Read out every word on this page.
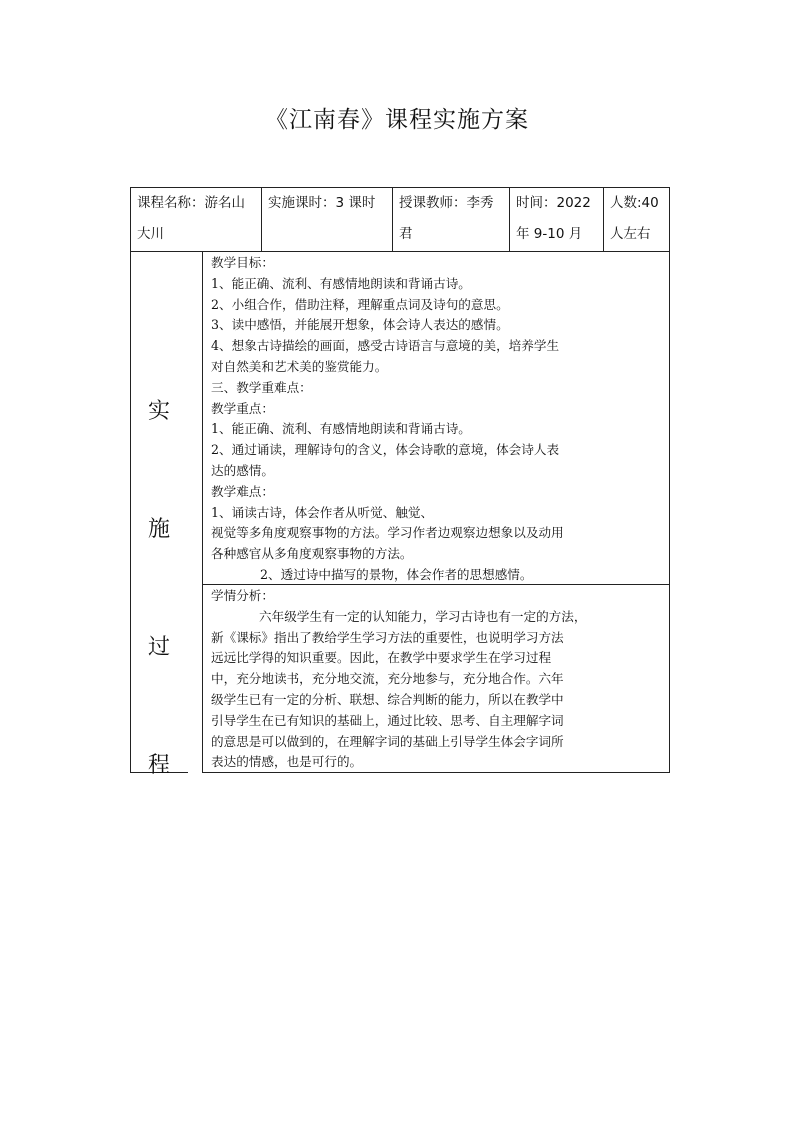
《江南春》课程实施方案
课程名称：游名山
大川
实施课时：3 课时 授课教师：李秀
君
时间：2022
年 9-10 月
人数:40
人左右
实
施
过
程
教学目标：
1、能正确、流利、有感情地朗读和背诵古诗。
2、小组合作，借助注释，理解重点词及诗句的意思。
3、读中感悟，并能展开想象，体会诗人表达的感情。
4、想象古诗描绘的画面，感受古诗语言与意境的美，培养学生
对自然美和艺术美的鉴赏能力。
三、教学重难点：
教学重点：
1、能正确、流利、有感情地朗读和背诵古诗。
2、通过诵读，理解诗句的含义，体会诗歌的意境，体会诗人表
达的感情。
教学难点：
1、诵读古诗，体会作者从听觉、触觉、
视觉等多角度观察事物的方法。学习作者边观察边想象以及动用
各种感官从多角度观察事物的方法。
2、透过诗中描写的景物，体会作者的思想感情。
学情分析：
六年级学生有一定的认知能力，学习古诗也有一定的方法，
新《课标》指出了教给学生学习方法的重要性，也说明学习方法
远远比学得的知识重要。因此，在教学中要求学生在学习过程
中，充分地读书，充分地交流，充分地参与，充分地合作。六年
级学生已有一定的分析、联想、综合判断的能力，所以在教学中
引导学生在已有知识的基础上，通过比较、思考、自主理解字词
的意思是可以做到的，在理解字词的基础上引导学生体会字词所
表达的情感，也是可行的。
